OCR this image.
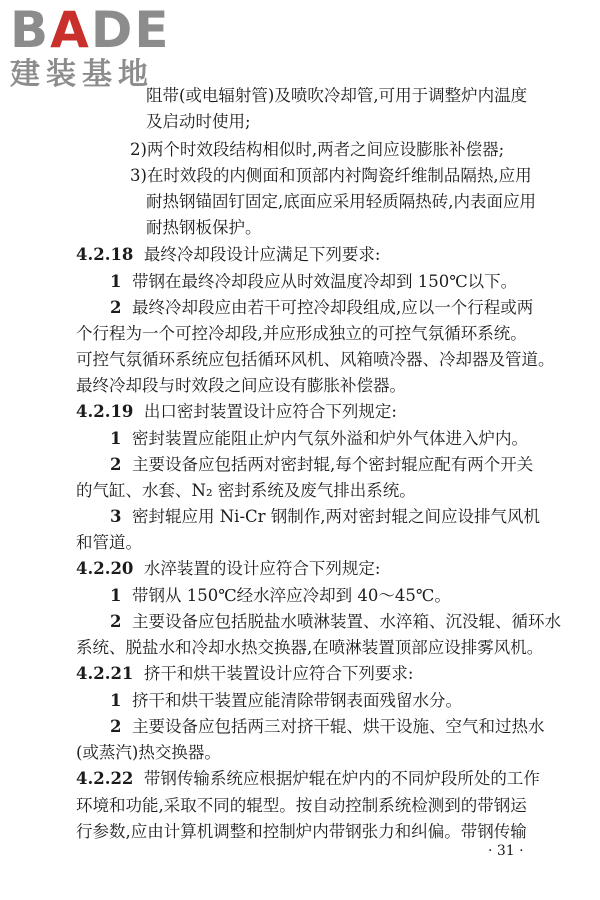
BADE
建装基地
阻带(或电辐射管)及喷吹冷却管,可用于调整炉内温度
及启动时使用;
2)两个时效段结构相似时,两者之间应设膨胀补偿器;
3)在时效段的内侧面和顶部内衬陶瓷纤维制品隔热,应用
耐热钢锚固钉固定,底面应采用轻质隔热砖,内表面应用
耐热钢板保护。
4.2.18 最终冷却段设计应满足下列要求:
1 带钢在最终冷却段应从时效温度冷却到 150℃以下。
2 最终冷却段应由若干可控冷却段组成,应以一个行程或两
个行程为一个可控冷却段,并应形成独立的可控气氛循环系统。
可控气氛循环系统应包括循环风机、风箱喷冷器、冷却器及管道。
最终冷却段与时效段之间应设有膨胀补偿器。
4.2.19 出口密封装置设计应符合下列规定:
1 密封装置应能阻止炉内气氛外溢和炉外气体进入炉内。
2 主要设备应包括两对密封辊,每个密封辊应配有两个开关
的气缸、水套、N₂ 密封系统及废气排出系统。
3 密封辊应用 Ni-Cr 钢制作,两对密封辊之间应设排气风机
和管道。
4.2.20 水淬装置的设计应符合下列规定:
1 带钢从 150℃经水淬应冷却到 40～45℃。
2 主要设备应包括脱盐水喷淋装置、水淬箱、沉没辊、循环水
系统、脱盐水和冷却水热交换器,在喷淋装置顶部应设排雾风机。
4.2.21 挤干和烘干装置设计应符合下列要求:
1 挤干和烘干装置应能清除带钢表面残留水分。
2 主要设备应包括两三对挤干辊、烘干设施、空气和过热水
(或蒸汽)热交换器。
4.2.22 带钢传输系统应根据炉辊在炉内的不同炉段所处的工作
环境和功能,采取不同的辊型。按自动控制系统检测到的带钢运
行参数,应由计算机调整和控制炉内带钢张力和纠偏。带钢传输
· 31 ·
